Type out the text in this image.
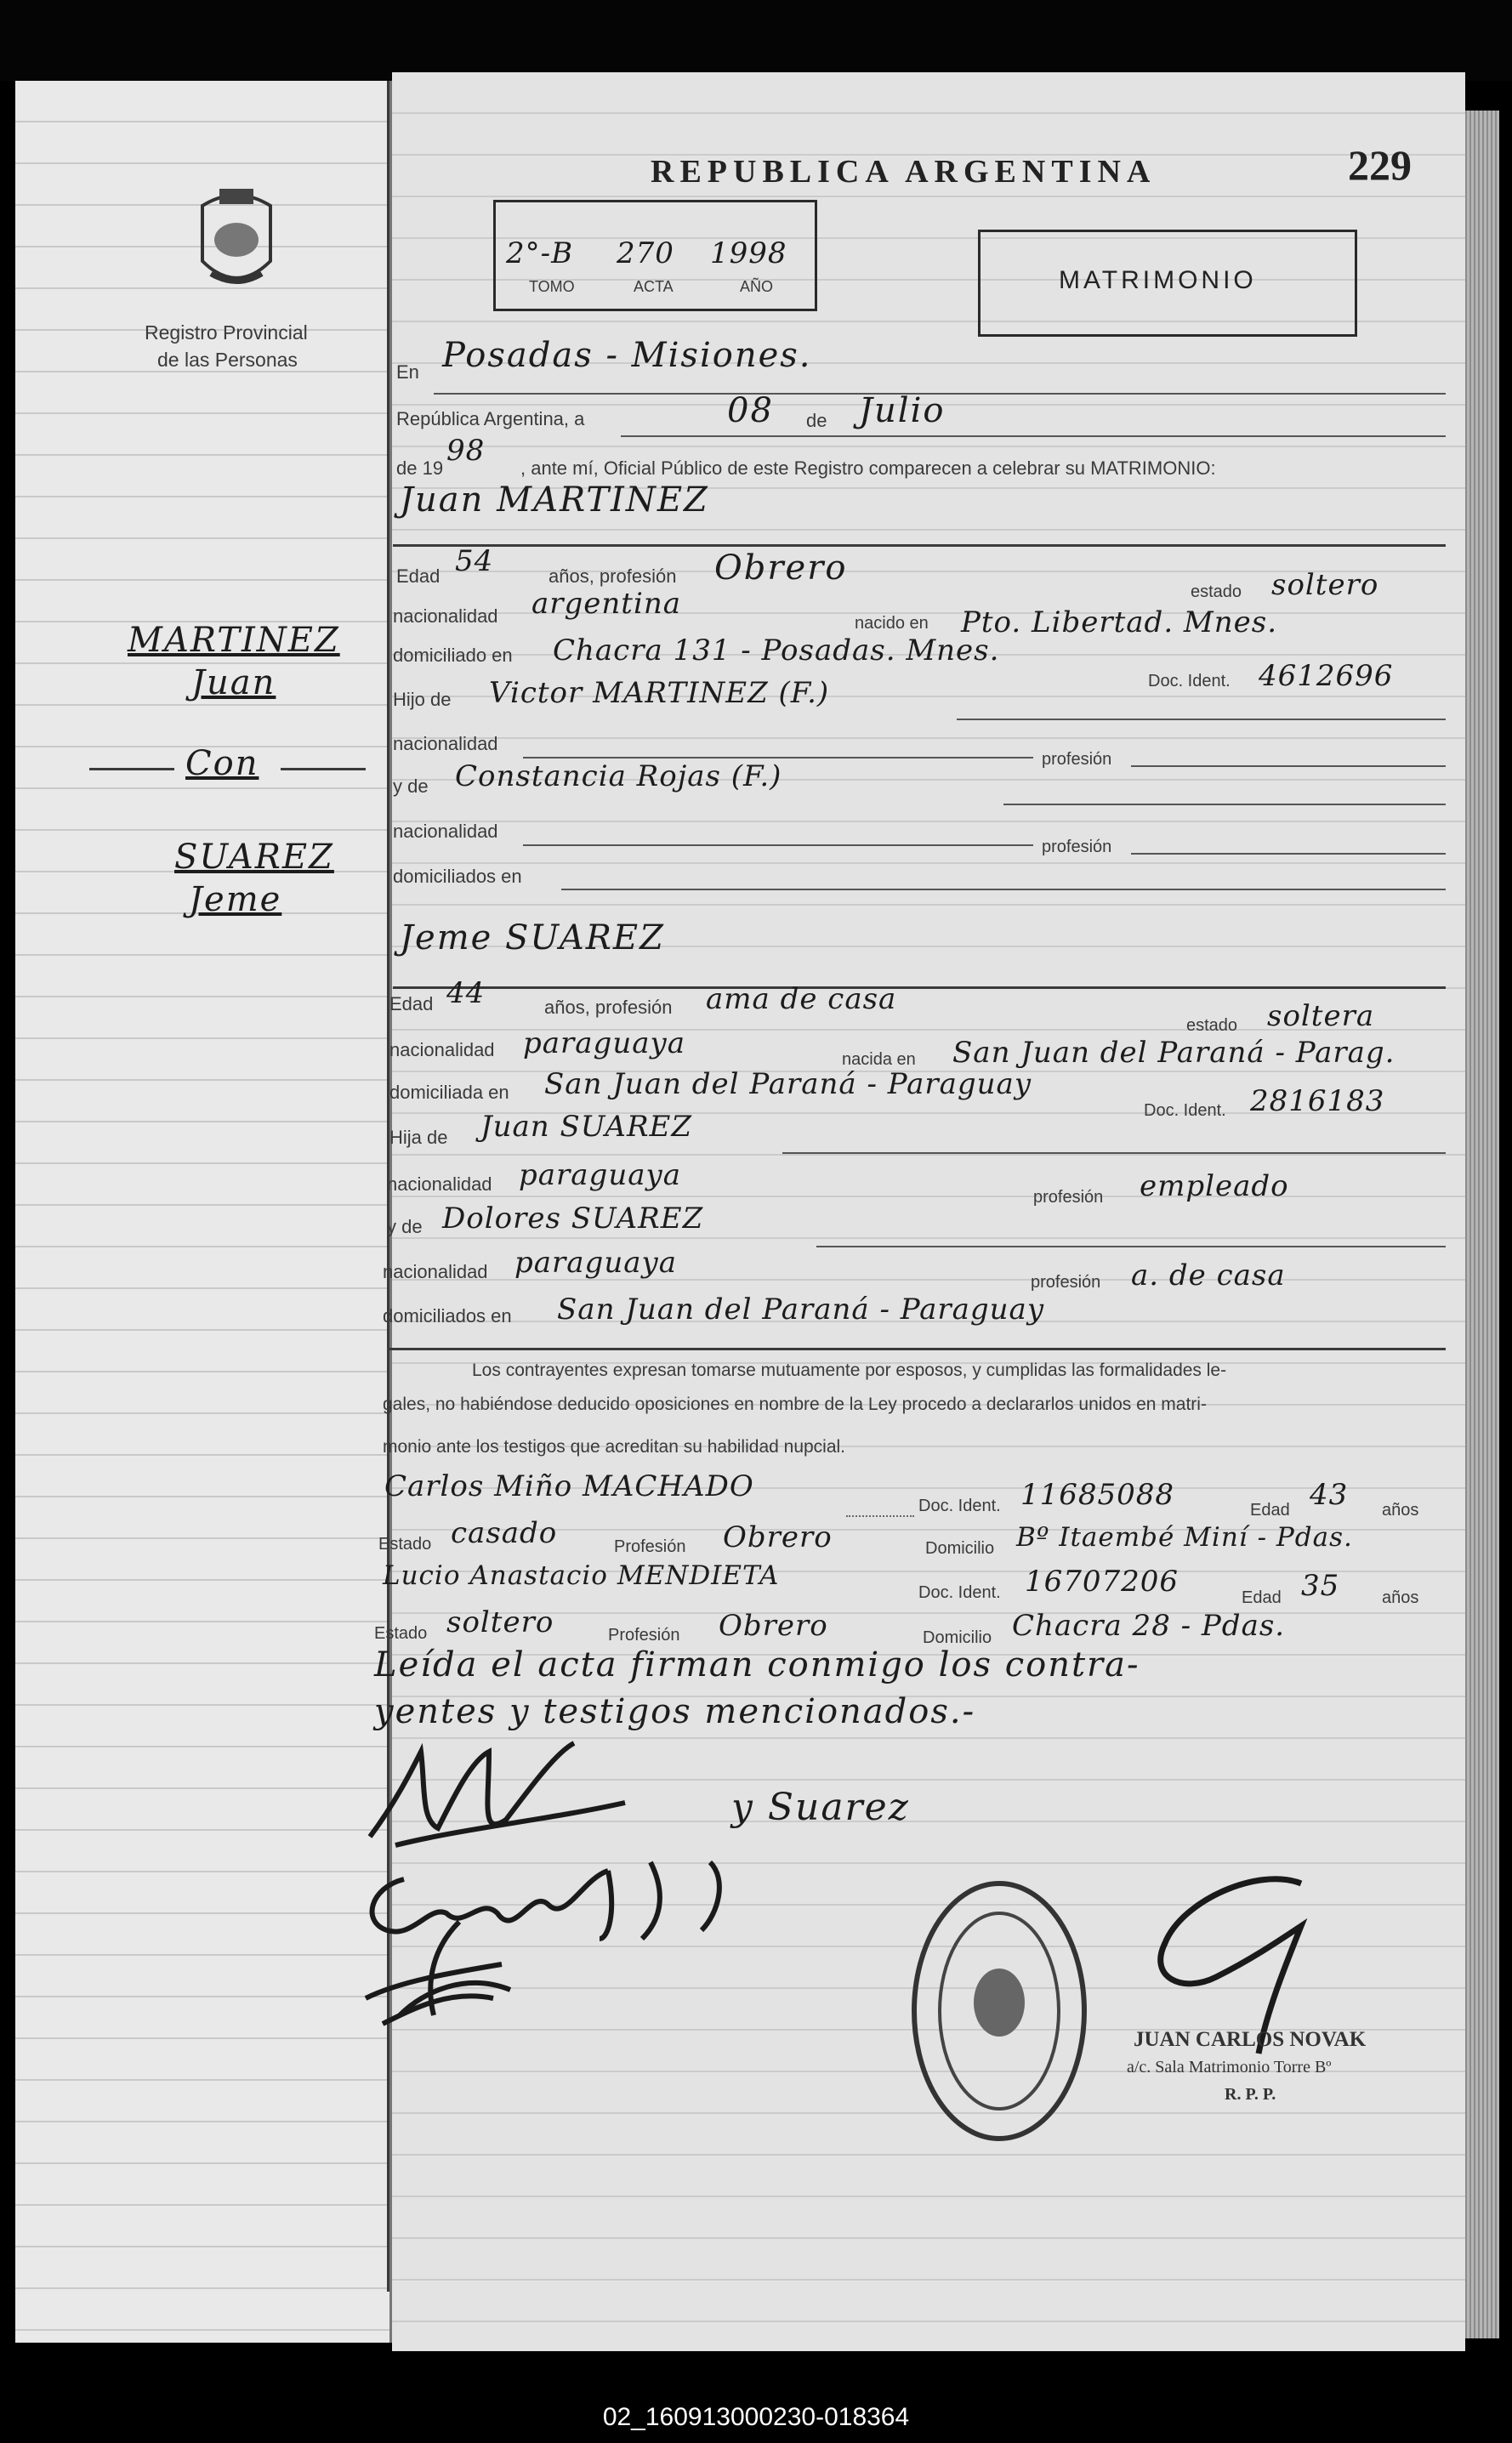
Registro Provincial
de las Personas
MARTINEZ
Juan
Con
SUAREZ
Jeme
REPUBLICA ARGENTINA	229
2°-B 270 1998
TOMO	ACTA	AÑO	MATRIMONIO
En Posadas - Misiones.
República Argentina, a	08 de Julio
de 19
98
, ante mí, Oficial Público de este Registro comparecen a celebrar su MATRIMONIO:
Juan MARTINEZ
Edad 54	años, profesión Obrero
estado soltero
nacionalidad argentina
nacido en Pto. Libertad. Mnes.
domiciliado en Chacra 131 - Posadas. Mnes.
Doc. Ident. 4612696
Hijo de Victor MARTINEZ (F.)
nacionalidad
profesión
y de Constancia Rojas (F.)
nacionalidad
profesión
domiciliados en
Jeme SUAREZ
Edad 44	años, profesión ama de casa
estado soltera
nacionalidad paraguaya	nacida en San Juan del Paraná - Parag.
domiciliada en San Juan del Paraná - Paraguay
Doc. Ident. 2816183
Hija de Juan SUAREZ
nacionalidad paraguaya
profesión empleado
y de Dolores SUAREZ
nacionalidad paraguaya
profesión a. de casa
domiciliados en San Juan del Paraná - Paraguay
Los contrayentes expresan tomarse mutuamente por esposos, y cumplidas las formalidades le-
gales, no habiéndose deducido oposiciones en nombre de la Ley procedo a declararlos unidos en matri-
monio ante los testigos que acreditan su habilidad nupcial.
Carlos Miño MACHADO
Doc. Ident. 11685088	Edad 43 años
Estado casado	Profesión Obrero	Domicilio Bº Itaembé Miní - Pdas.
Lucio Anastacio MENDIETA
Doc. Ident. 16707206	Edad 35 años
Estado soltero	Profesión Obrero	Domicilio Chacra 28 - Pdas.
Leída el acta firman conmigo los contra-
yentes y testigos mencionados.-
y Suarez
JUAN CARLOS NOVAK
a/c. Sala Matrimonio Torre Bº
R. P. P.
02_160913000230-018364
